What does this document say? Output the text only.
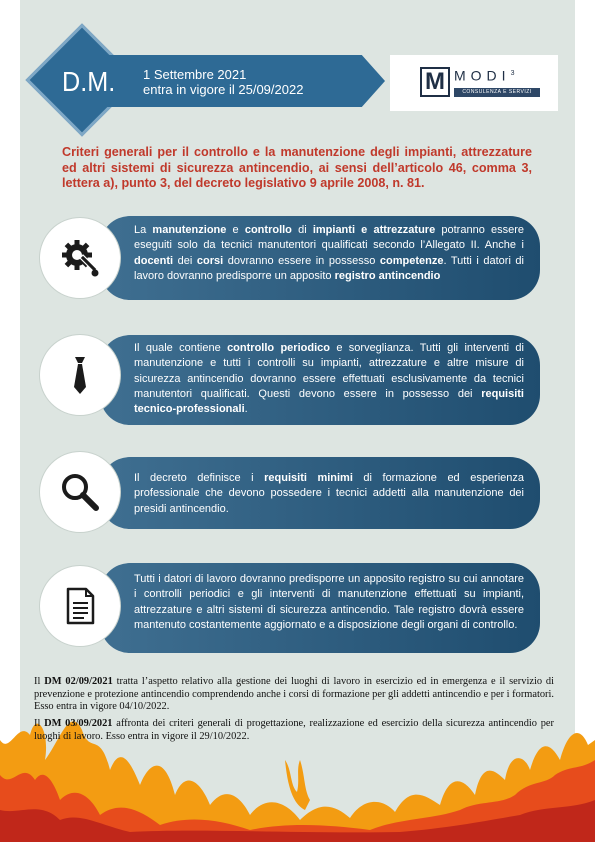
D.M.	1 Settembre 2021
entra in vigore il 25/09/2022	M MODI$^3$
CONSULENZA E SERVIZI
Criteri generali per il controllo e la manutenzione degli impianti, attrezzature ed altri sistemi di sicurezza antincendio, ai sensi dell’articolo 46, comma 3, lettera a), punto 3, del decreto legislativo 9 aprile 2008, n. 81.
La manutenzione e controllo di impianti e attrezzature potranno essere eseguiti solo da tecnici manutentori qualificati secondo l’Allegato II. Anche i docenti dei corsi dovranno essere in possesso competenze. Tutti i datori di lavoro dovranno predisporre un apposito registro antincendio
Il quale contiene controllo periodico e sorveglianza. Tutti gli interventi di manutenzione e tutti i controlli su impianti, attrezzature e altre misure di sicurezza antincendio dovranno essere effettuati esclusivamente da tecnici manutentori qualificati. Questi devono essere in possesso dei requisiti tecnico-professionali.
Il decreto definisce i requisiti minimi di formazione ed esperienza professionale che devono possedere i tecnici addetti alla manutenzione dei presidi antincendio.
Tutti i datori di lavoro dovranno predisporre un apposito registro su cui annotare i controlli periodici e gli interventi di manutenzione effettuati su impianti, attrezzature e altri sistemi di sicurezza antincendio. Tale registro dovrà essere mantenuto costantemente aggiornato e a disposizione degli organi di controllo.
Il DM 02/09/2021 tratta l’aspetto relativo alla gestione dei luoghi di lavoro in esercizio ed in emergenza e il servizio di prevenzione e protezione antincendio comprendendo anche i corsi di formazione per gli addetti antincendio e per i formatori. Esso entra in vigore 04/10/2022.
Il DM 03/09/2021 affronta dei criteri generali di progettazione, realizzazione ed esercizio della sicurezza antincendio per luoghi di lavoro. Esso entra in vigore il 29/10/2022.
